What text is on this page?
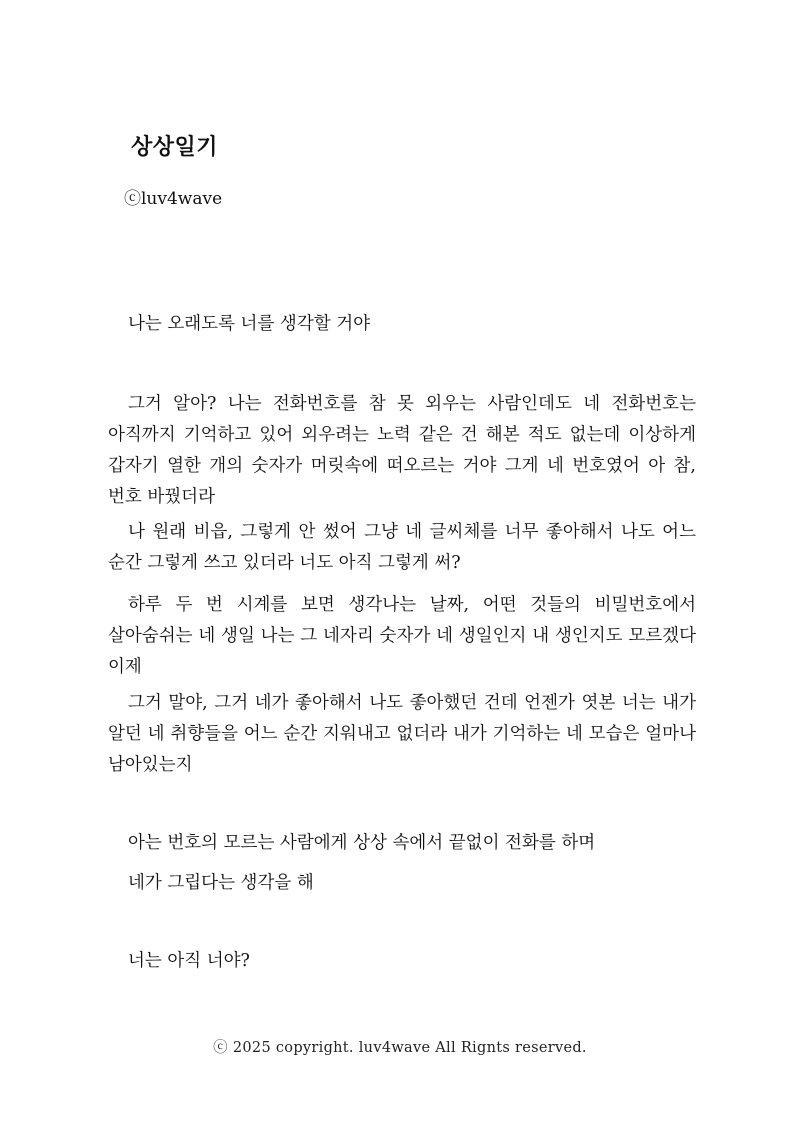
상상일기

ⓒluv4wave

나는 오래도록 너를 생각할 거야

그거 알아? 나는 전화번호를 참 못 외우는 사람인데도 네 전화번호는 아직까지 기억하고 있어 외우려는 노력 같은 건 해본 적도 없는데 이상하게 갑자기 열한 개의 숫자가 머릿속에 떠오르는 거야 그게 네 번호였어 아 참, 번호 바꿨더라

나 원래 비읍, 그렇게 안 썼어 그냥 네 글씨체를 너무 좋아해서 나도 어느 순간 그렇게 쓰고 있더라 너도 아직 그렇게 써?

하루 두 번 시계를 보면 생각나는 날짜, 어떤 것들의 비밀번호에서 살아숨쉬는 네 생일 나는 그 네자리 숫자가 네 생일인지 내 생인지도 모르겠다 이제

그거 말야, 그거 네가 좋아해서 나도 좋아했던 건데 언젠가 엿본 너는 내가 알던 네 취향들을 어느 순간 지워내고 없더라 내가 기억하는 네 모습은 얼마나 남아있는지

아는 번호의 모르는 사람에게 상상 속에서 끝없이 전화를 하며

네가 그립다는 생각을 해

너는 아직 너야?

ⓒ 2025 copyright. luv4wave All Rignts reserved.
